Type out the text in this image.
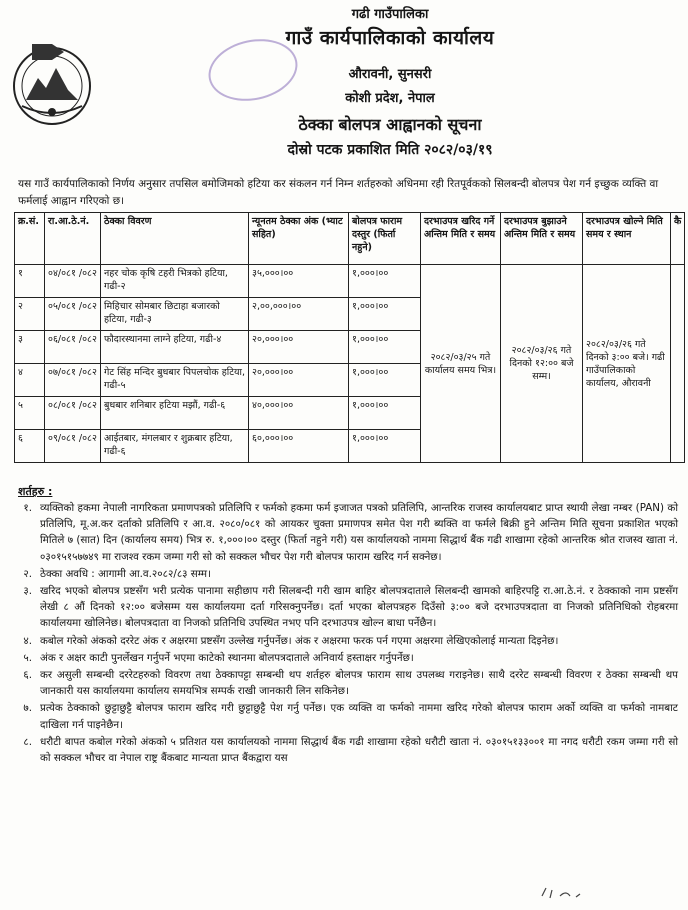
गढी गाउँपालिका
गाउँ कार्यपालिकाको कार्यालय
औरावनी, सुनसरी
कोशी प्रदेश, नेपाल
ठेक्का बोलपत्र आह्वानको सूचना
दोस्रो पटक प्रकाशित मिति २०८२/०३/१९
यस गाउँ कार्यपालिकाको निर्णय अनुसार तपसिल बमोजिमको हटिया कर संकलन गर्न निम्न शर्तहरुको अधिनमा रही रितपूर्वकको सिलबन्दी बोलपत्र पेश गर्न इच्छुक व्यक्ति वा फर्मलाई आह्वान गरिएको छ।
क्र.सं.	रा.आ.ठे.नं.	ठेक्का विवरण	न्यूनतम ठेक्का अंक (भ्याट सहित)	बोलपत्र फाराम दस्तुर (फिर्ता नहुने)	दरभाउपत्र खरिद गर्ने अन्तिम मिति र समय	दरभाउपत्र बुझाउने अन्तिम मिति र समय	दरभाउपत्र खोल्ने मिति समय र स्थान	कै
१	०४/०८१ /०८२	नहर चोक कृषि टहरी भित्रको हटिया, गढी-२	३५,०००।००	१,०००।००	२०८२/०३/२५ गते कार्यालय समय भित्र।	२०८२/०३/२६ गते दिनको १२:०० बजे सम्म।	२०८२/०३/२६ गते दिनको ३:०० बजे। गढी गाउँपालिकाको कार्यालय, औरावनी	
२	०५/०८१ /०८२	मिहिचार सोमबार छिटाहा बजारको हटिया, गढी-३	२,००,०००।००	१,०००।००				
३	०६/०८१ /०८२	फौदारस्थानमा लाग्ने हटिया, गढी-४	२०,०००।००	१,०००।००				
४	०७/०८१ /०८२	गेट सिंह मन्दिर बुधबार पिपलचोक हटिया, गढी-५	२०,०००।००	१,०००।००				
५	०८/०८१ /०८२	बुधबार शनिबार हटिया मझौं, गढी-६	४०,०००।००	१,०००।००				
६	०९/०८१ /०८२	आईतबार, मंगलबार र शुक्रबार हटिया, गढी-६	६०,०००।००	१,०००।००				
शर्तहरु :
१. व्यक्तिको हकमा नेपाली नागरिकता प्रमाणपत्रको प्रतिलिपि र फर्मको हकमा फर्म इजाजत पत्रको प्रतिलिपि, आन्तरिक राजस्व कार्यालयबाट प्राप्त स्थायी लेखा नम्बर (PAN) को प्रतिलिपि, मू.अ.कर दर्ताको प्रतिलिपि र आ.व. २०८०/०८१ को आयकर चुक्ता प्रमाणपत्र समेत पेश गरी ब्यक्ति वा फर्मले बिक्री हुने अन्तिम मिति सूचना प्रकाशित भएको मितिले ७ (सात) दिन (कार्यालय समय) भित्र रु. १,०००।०० दस्तुर (फिर्ता नहुने गरी) यस कार्यालयको नाममा सिद्धार्थ बैंक गढी शाखामा रहेको आन्तरिक श्रोत राजस्व खाता नं. ०३०१५१५७७४९ मा राजश्व रकम जम्मा गरी सो को सक्कल भौचर पेश गरी बोलपत्र फाराम खरिद गर्न सक्नेछ।
२. ठेक्का अवधि : आगामी आ.व.२०८२/८३ सम्म।
३. खरिद भएको बोलपत्र प्रष्टसँग भरी प्रत्येक पानामा सहीछाप गरी सिलबन्दी गरी खाम बाहिर बोलपत्रदाताले सिलबन्दी खामको बाहिरपट्टि रा.आ.ठे.नं. र ठेक्काको नाम प्रष्टसँग लेखी ८ औं दिनको १२:०० बजेसम्म यस कार्यालयमा दर्ता गरिसक्नुपर्नेछ। दर्ता भएका बोलपत्रहरु दिउँसो ३:०० बजे दरभाउपत्रदाता वा निजको प्रतिनिधिको रोहबरमा कार्यालयमा खोलिनेछ। बोलपत्रदाता वा निजको प्रतिनिधि उपस्थित नभए पनि दरभाउपत्र खोल्न बाधा पर्नेछैन।
४. कबोल गरेको अंकको दररेट अंक र अक्षरमा प्रष्टसँग उल्लेख गर्नुपर्नेछ। अंक र अक्षरमा फरक पर्न गएमा अक्षरमा लेखिएकोलाई मान्यता दिइनेछ।
५. अंक र अक्षर काटी पुनर्लेखन गर्नुपर्ने भएमा काटेको स्थानमा बोलपत्रदाताले अनिवार्य हस्ताक्षर गर्नुपर्नेछ।
६. कर असुली सम्बन्धी दररेटहरुको विवरण तथा ठेक्कापट्टा सम्बन्धी थप शर्तहरु बोलपत्र फाराम साथ उपलब्ध गराइनेछ। साथै दररेट सम्बन्धी विवरण र ठेक्का सम्बन्धी थप जानकारी यस कार्यालयमा कार्यालय समयभित्र सम्पर्क राखी जानकारी लिन सकिनेछ।
७. प्रत्येक ठेक्काको छुट्टाछुट्टै बोलपत्र फाराम खरिद गरी छुट्टाछुट्टै पेश गर्नु पर्नेछ। एक व्यक्ति वा फर्मको नाममा खरिद गरेको बोलपत्र फाराम अर्को व्यक्ति वा फर्मको नामबाट दाखिला गर्न पाइनेछैन।
८. धरौटी बापत कबोल गरेको अंकको ५ प्रतिशत यस कार्यालयको नाममा सिद्धार्थ बैंक गढी शाखामा रहेको धरौटी खाता नं. ०३०१५१३३००१ मा नगद धरौटी रकम जम्मा गरी सो को सक्कल भौचर वा नेपाल राष्ट्र बैंकबाट मान्यता प्राप्त बैंकद्वारा यस
